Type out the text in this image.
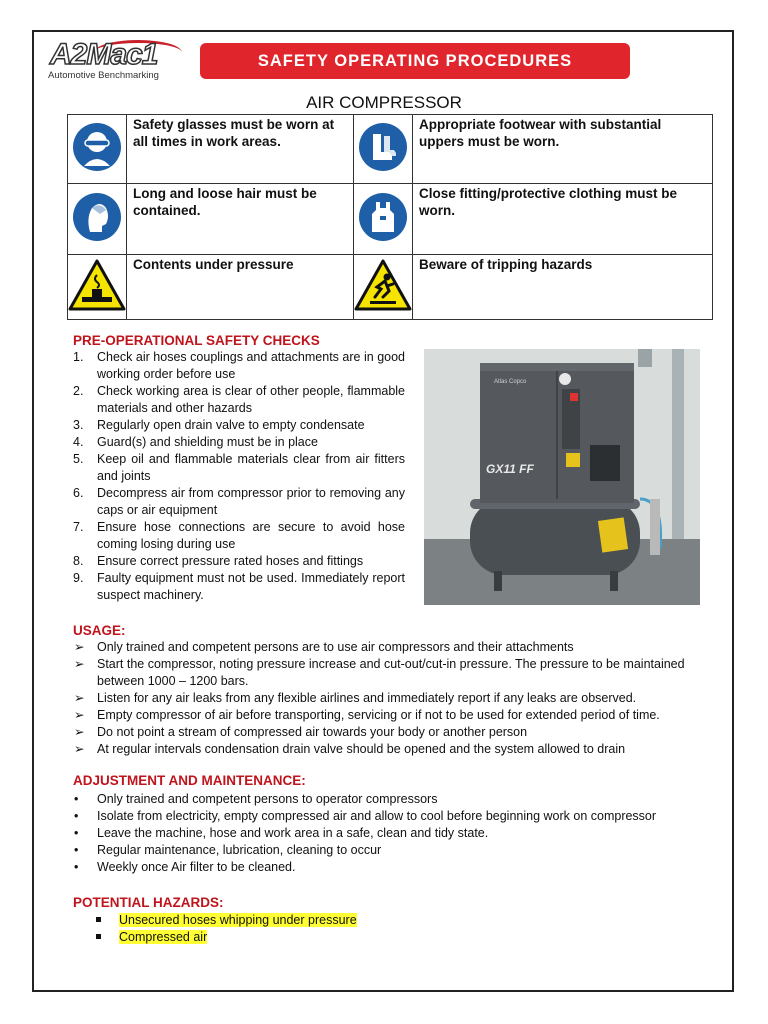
A2Mac1
Automotive Benchmarking
SAFETY OPERATING PROCEDURES
AIR COMPRESSOR
	Safety glasses must be worn at all times in work areas.		Appropriate footwear with substantial uppers must be worn.
	Long and loose hair must be contained.		Close fitting/protective clothing must be worn.
	Contents under pressure		Beware of tripping hazards
PRE-OPERATIONAL SAFETY CHECKS
1. Check air hoses couplings and attachments are in good working order before use
2. Check working area is clear of other people, flammable materials and other hazards
3. Regularly open drain valve to empty condensate
4. Guard(s) and shielding must be in place
5. Keep oil and flammable materials clear from air fitters and joints
6. Decompress air from compressor prior to removing any caps or air equipment
7. Ensure hose connections are secure to avoid hose coming losing during use
8. Ensure correct pressure rated hoses and fittings
9. Faulty equipment must not be used. Immediately report suspect machinery.
Atlas Copco
GX11 FF
USAGE:
➢ Only trained and competent persons are to use air compressors and their attachments
➢ Start the compressor, noting pressure increase and cut-out/cut-in pressure. The pressure to be maintained between 1000 – 1200 bars.
➢ Listen for any air leaks from any flexible airlines and immediately report if any leaks are observed.
➢ Empty compressor of air before transporting, servicing or if not to be used for extended period of time.
➢ Do not point a stream of compressed air towards your body or another person
➢ At regular intervals condensation drain valve should be opened and the system allowed to drain
ADJUSTMENT AND MAINTENANCE:
• Only trained and competent persons to operator compressors
• Isolate from electricity, empty compressed air and allow to cool before beginning work on compressor
• Leave the machine, hose and work area in a safe, clean and tidy state.
• Regular maintenance, lubrication, cleaning to occur
• Weekly once Air filter to be cleaned.
POTENTIAL HAZARDS:
Unsecured hoses whipping under pressure
Compressed air
